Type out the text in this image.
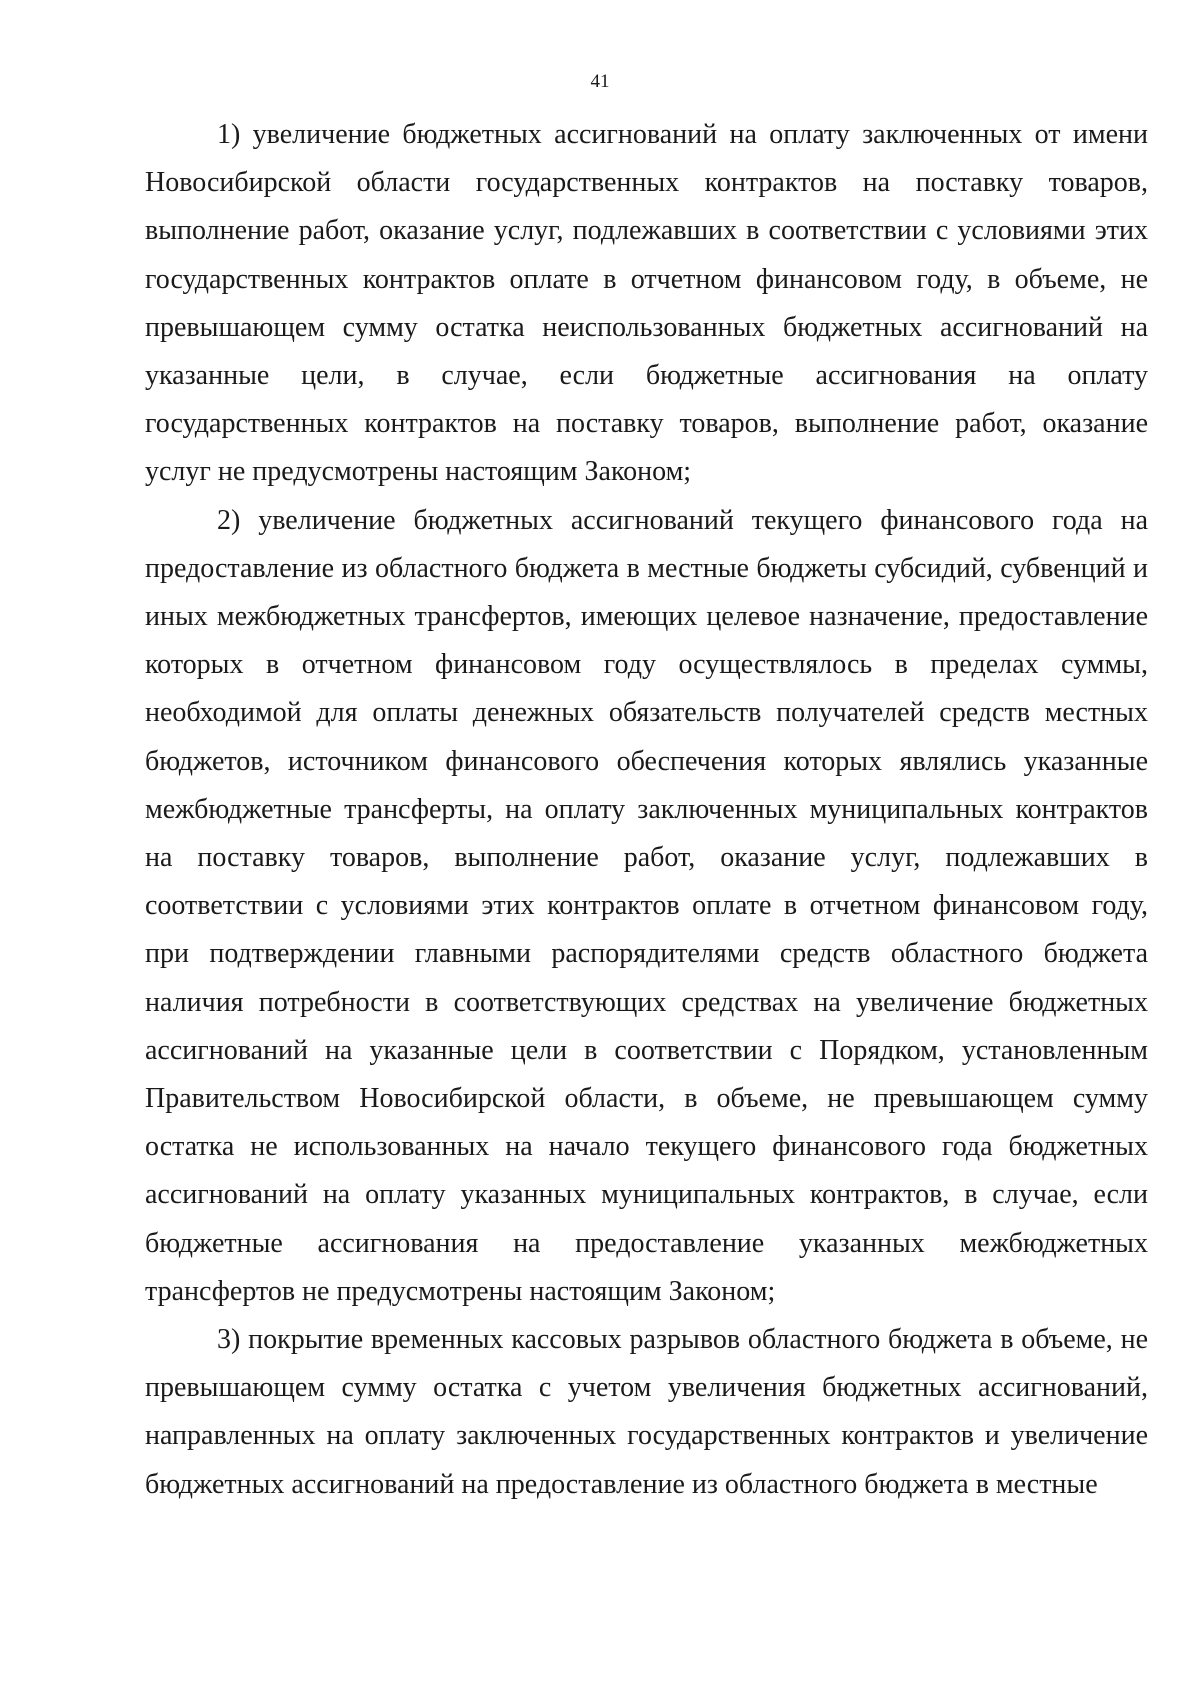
41

1) увеличение бюджетных ассигнований на оплату заключенных от имени Новосибирской области государственных контрактов на поставку товаров, выполнение работ, оказание услуг, подлежавших в соответствии с условиями этих государственных контрактов оплате в отчетном финансовом году, в объеме, не превышающем сумму остатка неиспользованных бюджетных ассигнований на указанные цели, в случае, если бюджетные ассигнования на оплату государственных контрактов на поставку товаров, выполнение работ, оказание услуг не предусмотрены настоящим Законом;

2) увеличение бюджетных ассигнований текущего финансового года на предоставление из областного бюджета в местные бюджеты субсидий, субвенций и иных межбюджетных трансфертов, имеющих целевое назначение, предоставление которых в отчетном финансовом году осуществлялось в пределах суммы, необходимой для оплаты денежных обязательств получателей средств местных бюджетов, источником финансового обеспечения которых являлись указанные межбюджетные трансферты, на оплату заключенных муниципальных контрактов на поставку товаров, выполнение работ, оказание услуг, подлежавших в соответствии с условиями этих контрактов оплате в отчетном финансовом году, при подтверждении главными распорядителями средств областного бюджета наличия потребности в соответствующих средствах на увеличение бюджетных ассигнований на указанные цели в соответствии с Порядком, установленным Правительством Новосибирской области, в объеме, не превышающем сумму остатка не использованных на начало текущего финансового года бюджетных ассигнований на оплату указанных муниципальных контрактов, в случае, если бюджетные ассигнования на предоставление указанных межбюджетных трансфертов не предусмотрены настоящим Законом;

3) покрытие временных кассовых разрывов областного бюджета в объеме, не превышающем сумму остатка с учетом увеличения бюджетных ассигнований, направленных на оплату заключенных государственных контрактов и увеличение бюджетных ассигнований на предоставление из областного бюджета в местные
